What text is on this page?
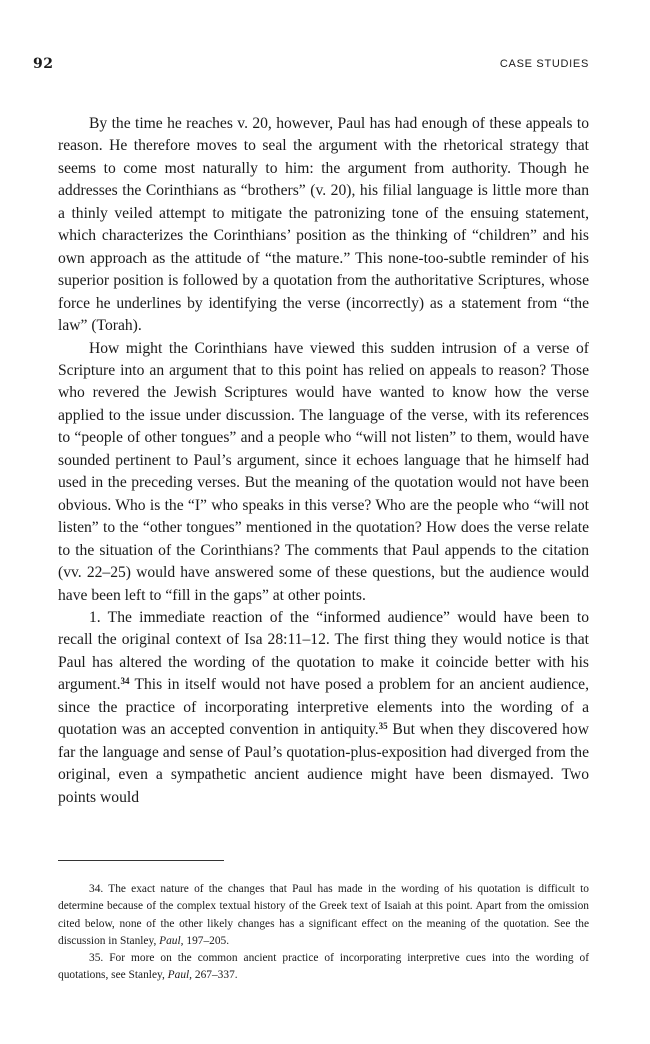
92	CASE STUDIES

By the time he reaches v. 20, however, Paul has had enough of these appeals to reason. He therefore moves to seal the argument with the rhetorical strategy that seems to come most naturally to him: the argument from authority. Though he addresses the Corinthians as “brothers” (v. 20), his filial language is little more than a thinly veiled attempt to mitigate the patronizing tone of the ensuing statement, which characterizes the Corinthians’ position as the thinking of “children” and his own approach as the attitude of “the mature.” This none-too-subtle reminder of his superior position is followed by a quotation from the authoritative Scriptures, whose force he underlines by identifying the verse (incorrectly) as a statement from “the law” (Torah).

How might the Corinthians have viewed this sudden intrusion of a verse of Scripture into an argument that to this point has relied on appeals to reason? Those who revered the Jewish Scriptures would have wanted to know how the verse applied to the issue under discussion. The language of the verse, with its references to “people of other tongues” and a people who “will not listen” to them, would have sounded pertinent to Paul’s argument, since it echoes language that he himself had used in the preceding verses. But the meaning of the quotation would not have been obvious. Who is the “I” who speaks in this verse? Who are the people who “will not listen” to the “other tongues” mentioned in the quotation? How does the verse relate to the situation of the Corinthians? The comments that Paul appends to the citation (vv. 22–25) would have answered some of these questions, but the audience would have been left to “fill in the gaps” at other points.

1. The immediate reaction of the “informed audience” would have been to recall the original context of Isa 28:11–12. The first thing they would notice is that Paul has altered the wording of the quotation to make it coincide better with his argument.$^{34}$ This in itself would not have posed a problem for an ancient audience, since the practice of incorporating interpretive elements into the wording of a quotation was an accepted convention in antiquity.$^{35}$ But when they discovered how far the language and sense of Paul’s quotation-plus-exposition had diverged from the original, even a sympathetic ancient audience might have been dismayed. Two points would

34. The exact nature of the changes that Paul has made in the wording of his quotation is difficult to determine because of the complex textual history of the Greek text of Isaiah at this point. Apart from the omission cited below, none of the other likely changes has a significant effect on the meaning of the quotation. See the discussion in Stanley, Paul, 197–205.

35. For more on the common ancient practice of incorporating interpretive cues into the wording of quotations, see Stanley, Paul, 267–337.
